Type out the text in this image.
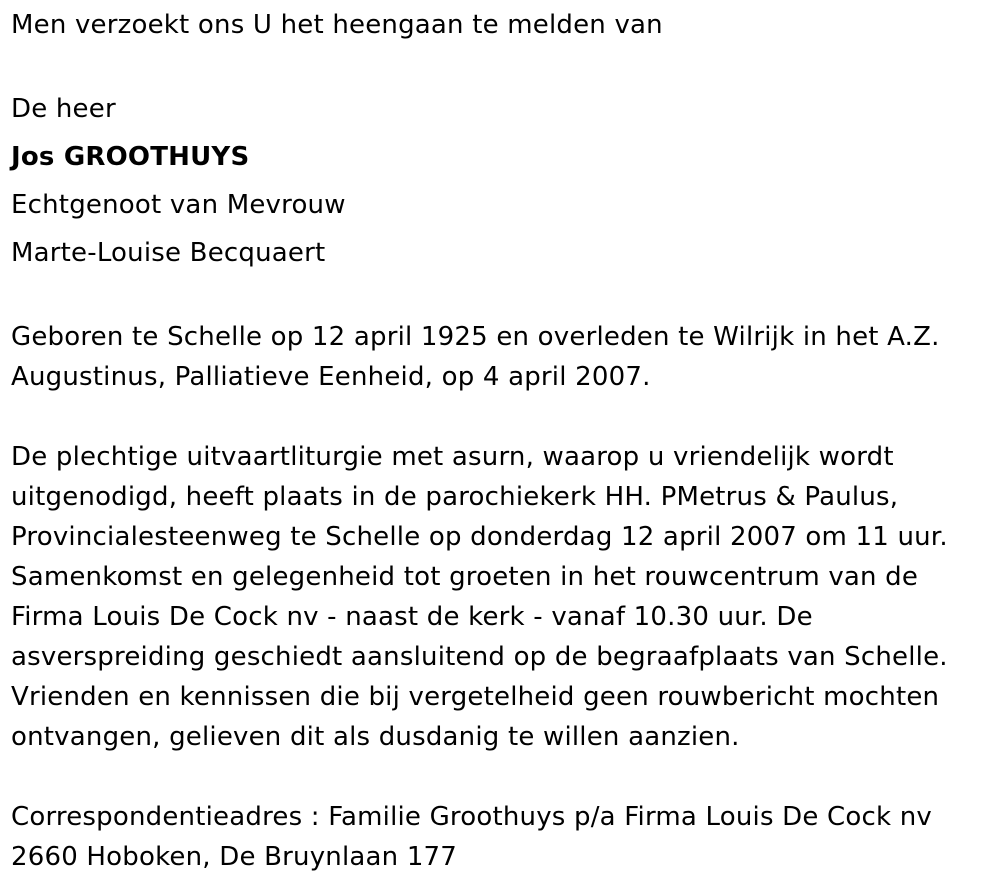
Men verzoekt ons U het heengaan te melden van
De heer
Jos GROOTHUYS
Echtgenoot van Mevrouw
Marte-Louise Becquaert
Geboren te Schelle op 12 april 1925 en overleden te Wilrijk in het A.Z.
Augustinus, Palliatieve Eenheid, op 4 april 2007.
De plechtige uitvaartliturgie met asurn, waarop u vriendelijk wordt
uitgenodigd, heeft plaats in de parochiekerk HH. PMetrus & Paulus,
Provincialesteenweg te Schelle op donderdag 12 april 2007 om 11 uur.
Samenkomst en gelegenheid tot groeten in het rouwcentrum van de
Firma Louis De Cock nv - naast de kerk - vanaf 10.30 uur. De
asverspreiding geschiedt aansluitend op de begraafplaats van Schelle.
Vrienden en kennissen die bij vergetelheid geen rouwbericht mochten
ontvangen, gelieven dit als dusdanig te willen aanzien.
Correspondentieadres : Familie Groothuys p/a Firma Louis De Cock nv
2660 Hoboken, De Bruynlaan 177
